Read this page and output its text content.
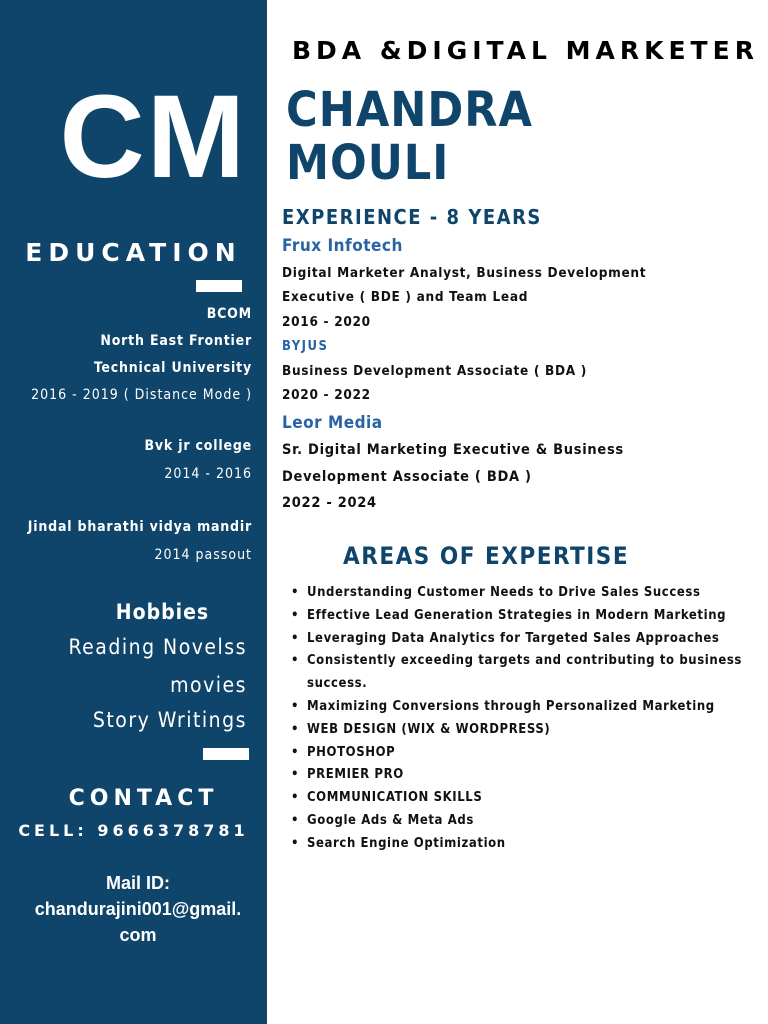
CM
EDUCATION
BCOM
North East Frontier
Technical University
2016 - 2019 ( Distance Mode )
Bvk jr college
2014 - 2016
Jindal bharathi vidya mandir
2014 passout
Hobbies
Reading Novelss
movies
Story Writings
CONTACT
CELL: 9666378781
Mail ID:
chandurajini001@gmail.
com
BDA &DIGITAL MARKETER
CHANDRA
MOULI
EXPERIENCE - 8 YEARS
Frux Infotech
Digital Marketer Analyst, Business Development
Executive ( BDE ) and Team Lead
2016 - 2020
BYJUS
Business Development Associate ( BDA )
2020 - 2022
Leor Media
Sr. Digital Marketing Executive & Business
Development Associate ( BDA )
2022 - 2024
AREAS OF EXPERTISE
• Understanding Customer Needs to Drive Sales Success
• Effective Lead Generation Strategies in Modern Marketing
• Leveraging Data Analytics for Targeted Sales Approaches
• Consistently exceeding targets and contributing to business success.
• Maximizing Conversions through Personalized Marketing
• WEB DESIGN (WIX & WORDPRESS)
• PHOTOSHOP
• PREMIER PRO
• COMMUNICATION SKILLS
• Google Ads & Meta Ads
• Search Engine Optimization
